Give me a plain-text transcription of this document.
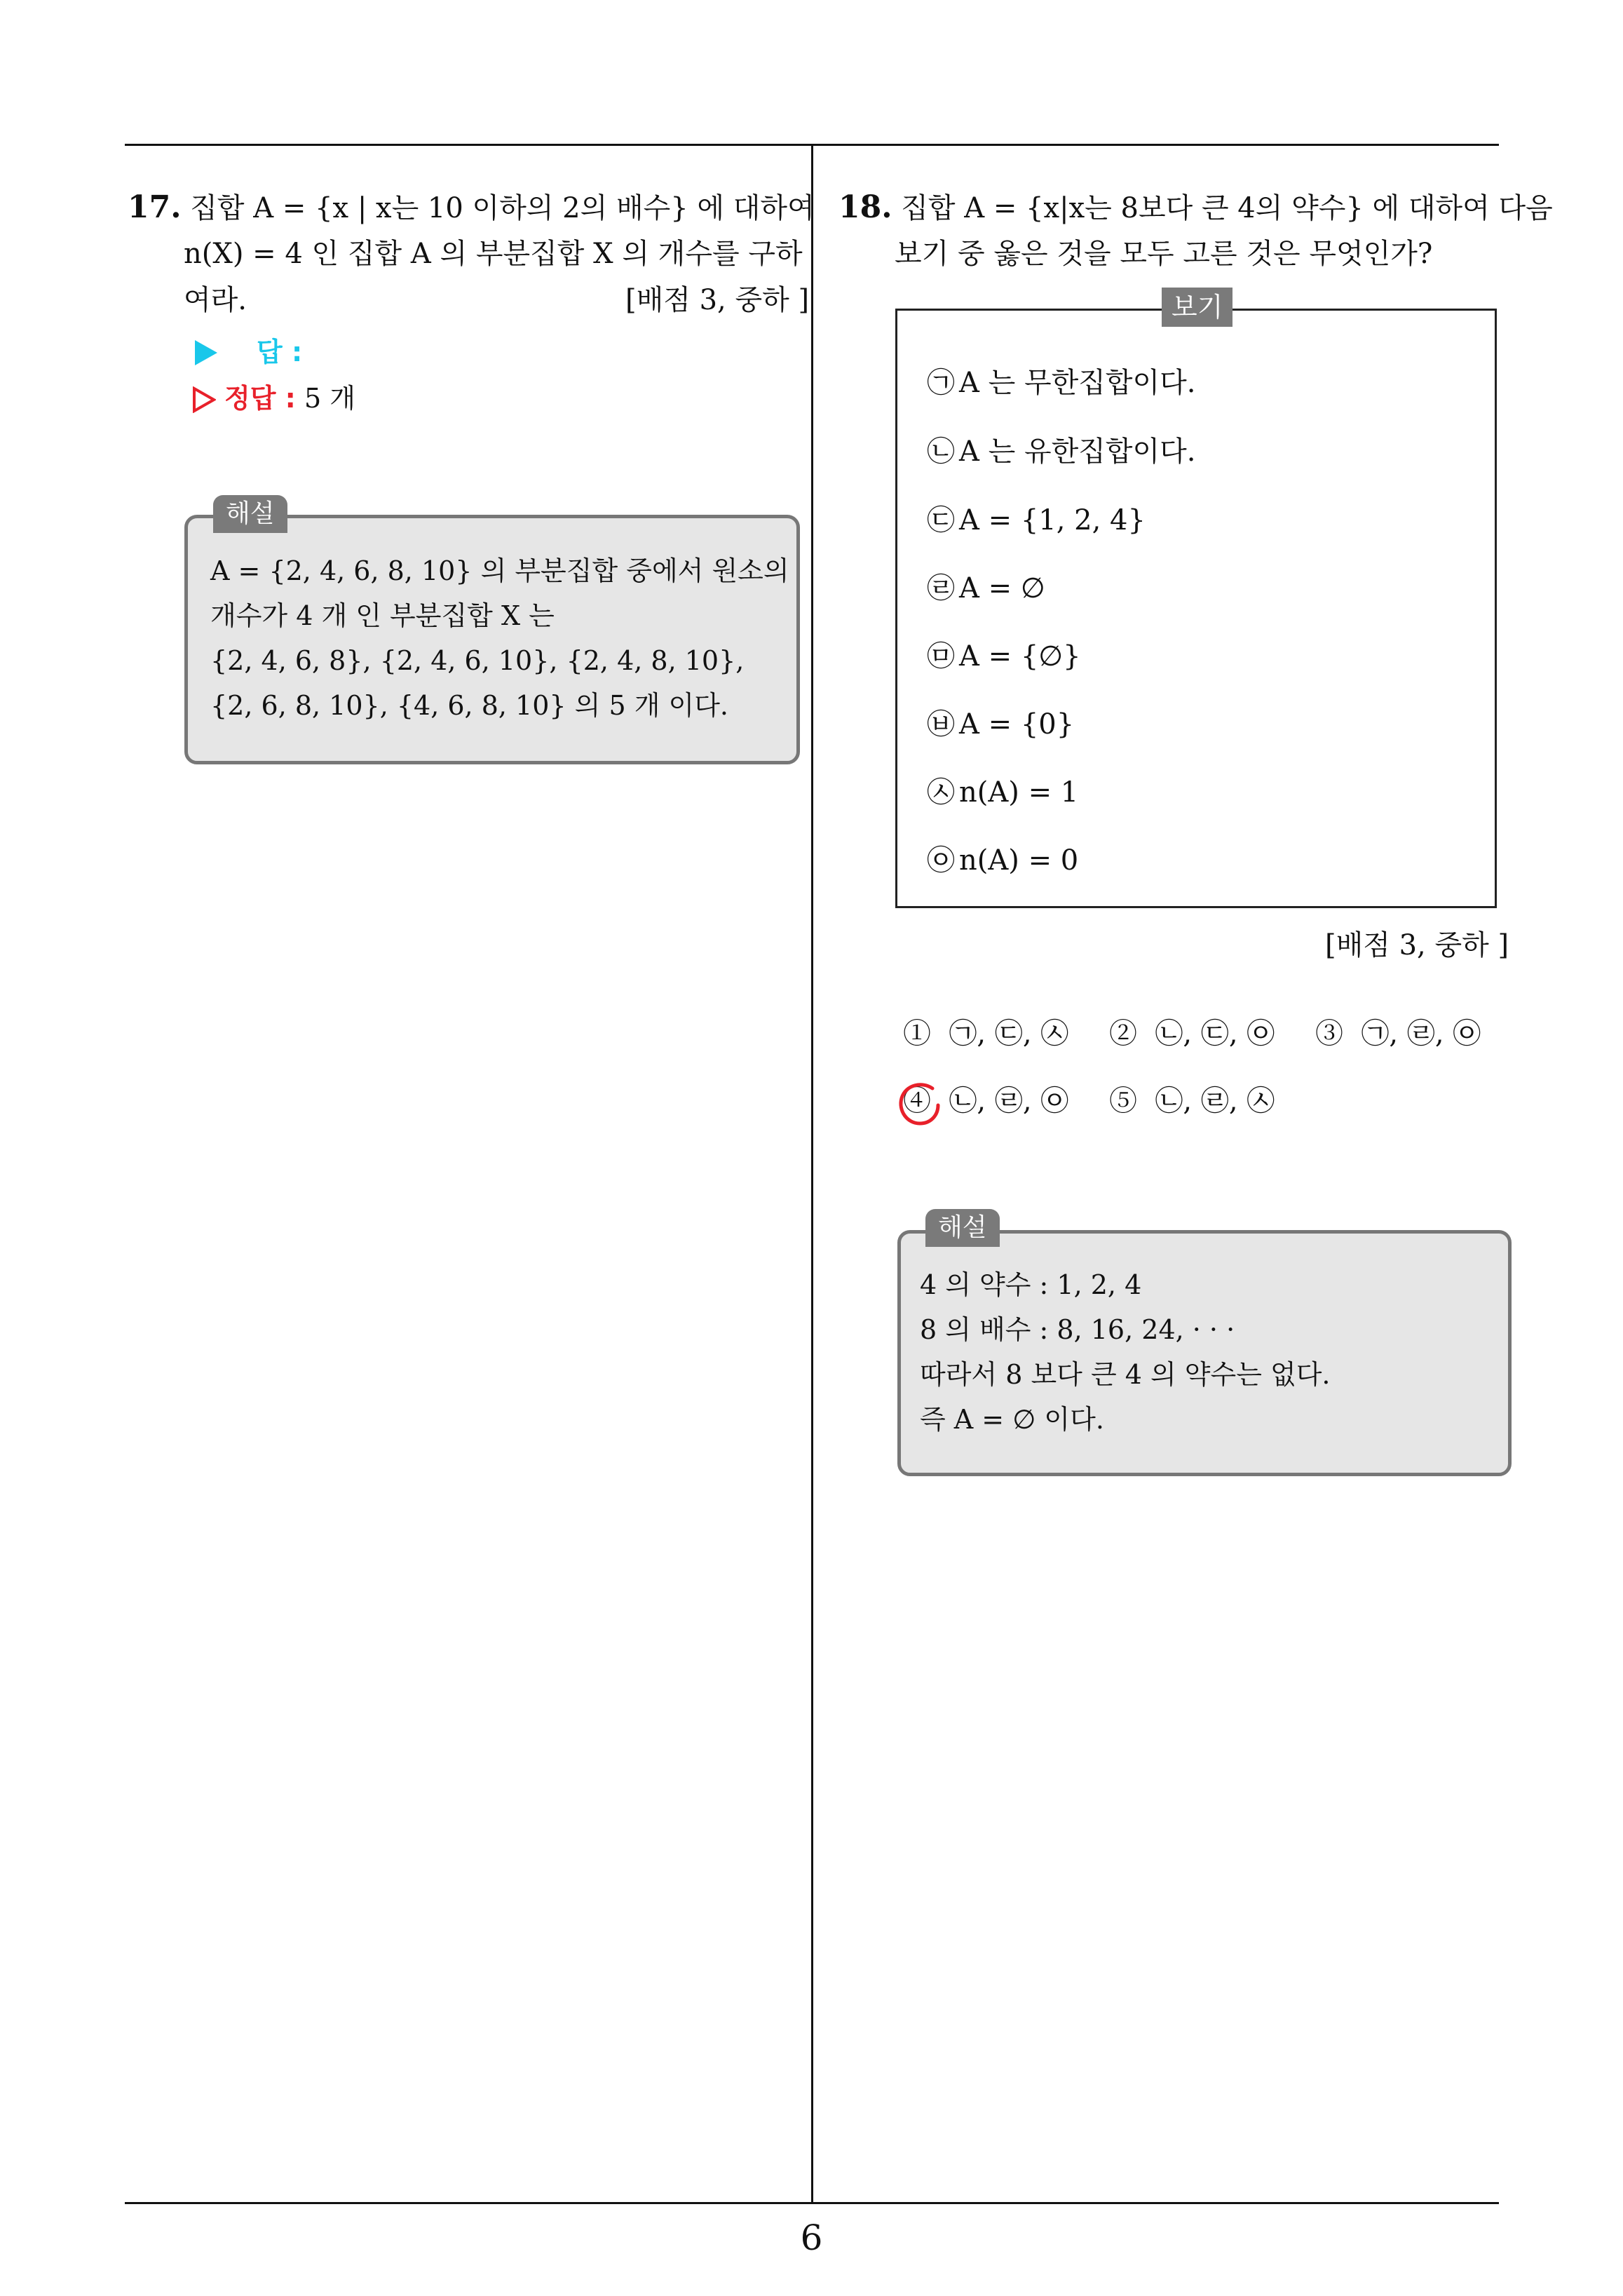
17. 집합 A = {x | x는 10 이하의 2의 배수} 에 대하여
n(X) = 4 인 집합 A 의 부분집합 X 의 개수를 구하
여라.	[배점 3, 중하 ]
답 :
정답 : 5 개
해설
A = {2, 4, 6, 8, 10} 의 부분집합 중에서 원소의
개수가 4 개 인 부분집합 X 는
{2, 4, 6, 8}, {2, 4, 6, 10}, {2, 4, 8, 10},
{2, 6, 8, 10}, {4, 6, 8, 10} 의 5 개 이다.
18. 집합 A = {x|x는 8보다 큰 4의 약수} 에 대하여 다음
보기 중 옳은 것을 모두 고른 것은 무엇인가?
보기
㉠ A 는 무한집합이다.
㉡ A 는 유한집합이다.
㉢ A = {1, 2, 4}
㉣ A = ∅
㉤ A = {∅}
㉥ A = {0}
㉦ n(A) = 1
㉧ n(A) = 0
[배점 3, 중하 ]
① ㉠, ㉢, ㉦ ② ㉡, ㉢, ㉧ ③ ㉠, ㉣, ㉧
④ ㉡, ㉣, ㉧ ⑤ ㉡, ㉣, ㉦
해설
4 의 약수 : 1, 2, 4
8 의 배수 : 8, 16, 24, · · ·
따라서 8 보다 큰 4 의 약수는 없다.
즉 A = ∅ 이다.
6
